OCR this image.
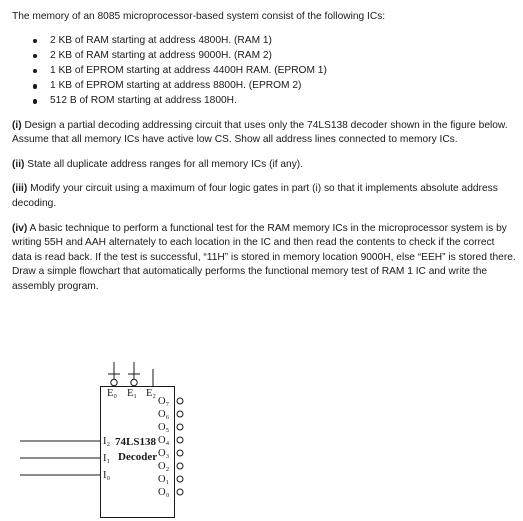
The memory of an 8085 microprocessor-based system consist of the following ICs:

2 KB of RAM starting at address 4800H. (RAM 1)
2 KB of RAM starting at address 9000H. (RAM 2)
1 KB of EPROM starting at address 4400H RAM. (EPROM 1)
1 KB of EPROM starting at address 8800H. (EPROM 2)
512 B of ROM starting at address 1800H.

(i) Design a partial decoding addressing circuit that uses only the 74LS138 decoder shown in the figure below. Assume that all memory ICs have active low CS. Show all address lines connected to memory ICs.

(ii) State all duplicate address ranges for all memory ICs (if any).

(iii) Modify your circuit using a maximum of four logic gates in part (i) so that it implements absolute address decoding.

(iv) A basic technique to perform a functional test for the RAM memory ICs in the microprocessor system is by writing 55H and AAH alternately to each location in the IC and then read the contents to check if the correct data is read back. If the test is successful, “11H” is stored in memory location 9000H, else “EEH” is stored there. Draw a simple flowchart that automatically performs the functional memory test of RAM 1 IC and write the assembly program.

E₀ E₁ E₂
I₂
I₁
I₀
74LS138
Decoder
O₇
O₆
O₅
O₄
O₃
O₂
O₁
O₀
